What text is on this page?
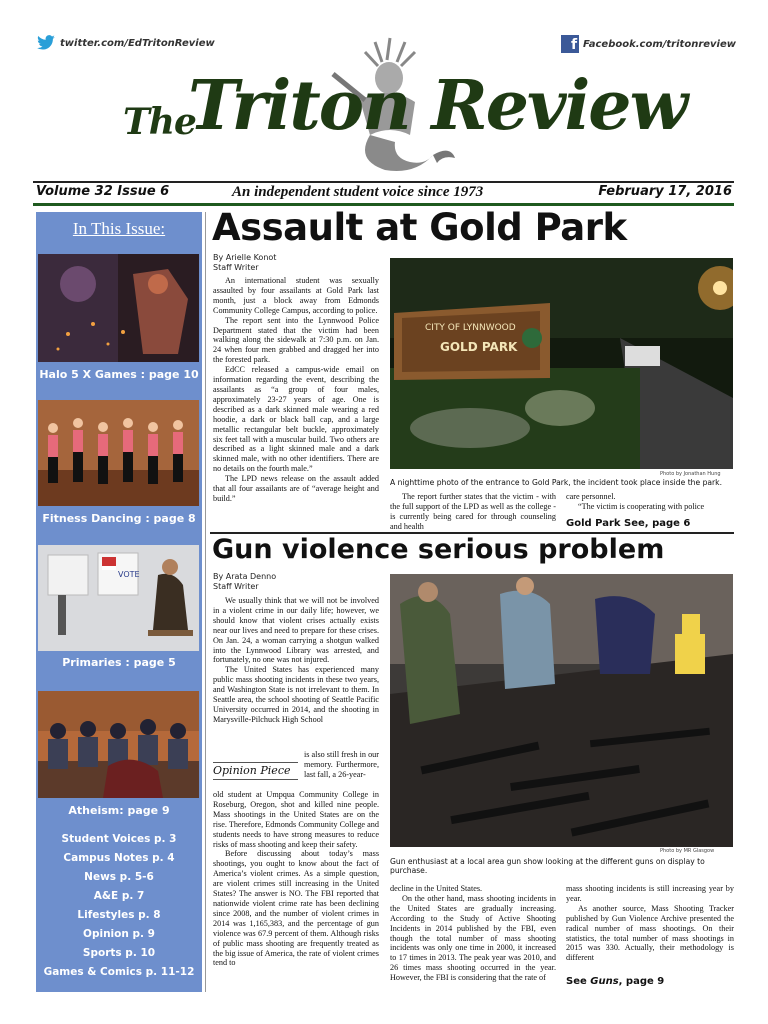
twitter.com/EdTritonReview	f Facebook.com/tritonreview
The
Triton Review
Volume 32 Issue 6	An independent student voice since 1973	February 17, 2016
In This Issue:
Halo 5 X Games : page 10
Fitness Dancing : page 8
VOTE
Primaries : page 5
Atheism: page 9
Student Voices p. 3
Campus Notes p. 4
News p. 5-6
A&E p. 7
Lifestyles p. 8
Opinion p. 9
Sports p. 10
Games & Comics p. 11-12
Assault at Gold Park
By Arielle Konot
Staff Writer

An international student was sexually assaulted by four assailants at Gold Park last month, just a block away from Edmonds Community College Campus, according to police.

The report sent into the Lynnwood Police Department stated that the victim had been walking along the sidewalk at 7:30 p.m. on Jan. 24 when four men grabbed and dragged her into the forested park.

EdCC released a campus-wide email on information regarding the event, describing the assailants as “a group of four males, approximately 23-27 years of age. One is described as a dark skinned male wearing a red hoodie, a dark or black ball cap, and a large metallic rectangular belt buckle, approximately six feet tall with a muscular build. Two others are described as a light skinned male and a dark skinned male, with no other identifiers. There are no details on the fourth male.”

The LPD news release on the assault added that all four assailants are of “average height and build.”

CITY OF LYNNWOOD
GOLD PARK
Photo by Jonathan Hung
A nighttime photo of the entrance to Gold Park, the incident took place inside the park.

The report further states that the victim - with the full support of the LPD as well as the college - is currently being cared for through counseling and health

care personnel.

“The victim is cooperating with police

Gold Park See, page 6
Gun violence serious problem
By Arata Denno
Staff Writer

We usually think that we will not be involved in a violent crime in our daily life; however, we should know that violent crises actually exists near our lives and need to prepare for these crises. On Jan. 24, a woman carrying a shotgun walked into the Lynnwood Library was arrested, and fortunately, no one was not injured.

The United States has experienced many public mass shooting incidents in these two years, and Washington State is not irrelevant to them. In Seattle area, the school shooting of Seattle Pacific University occurred in 2014, and the shooting in Marysville-Pilchuck High School

Opinion Piece
is also still fresh in our memory. Furthermore, last fall, a 26-year-
old student at Umpqua Community College in Roseburg, Oregon, shot and killed nine people. Mass shootings in the United States are on the rise. Therefore, Edmonds Community College and students needs to have strong measures to reduce risks of mass shooting and keep their safety.

Before discussing about today’s mass shootings, you ought to know about the fact of America’s violent crimes. As a simple question, are violent crimes still increasing in the United States? The answer is NO. The FBI reported that nationwide violent crime rate has been declining since 2008, and the number of violent crimes in 2014 was 1,165,383, and the percentage of gun violence was 67.9 percent of them. Although risks of public mass shooting are frequently treated as the big issue of America, the rate of violent crimes tend to

Photo by MR Glasgow
Gun enthusiast at a local area gun show looking at the different guns on display to purchase.
decline in the United States.

On the other hand, mass shooting incidents in the United States are gradually increasing. According to the Study of Active Shooting Incidents in 2014 published by the FBI, even though the total number of mass shooting incidents was only one time in 2000, it increased to 17 times in 2013. The peak year was 2010, and 26 times mass shooting occurred in the year. However, the FBI is considering that the rate of

mass shooting incidents is still increasing year by year.

As another source, Mass Shooting Tracker published by Gun Violence Archive presented the radical number of mass shootings. On their statistics, the total number of mass shootings in 2015 was 330. Actually, their methodology is different

See Guns, page 9
